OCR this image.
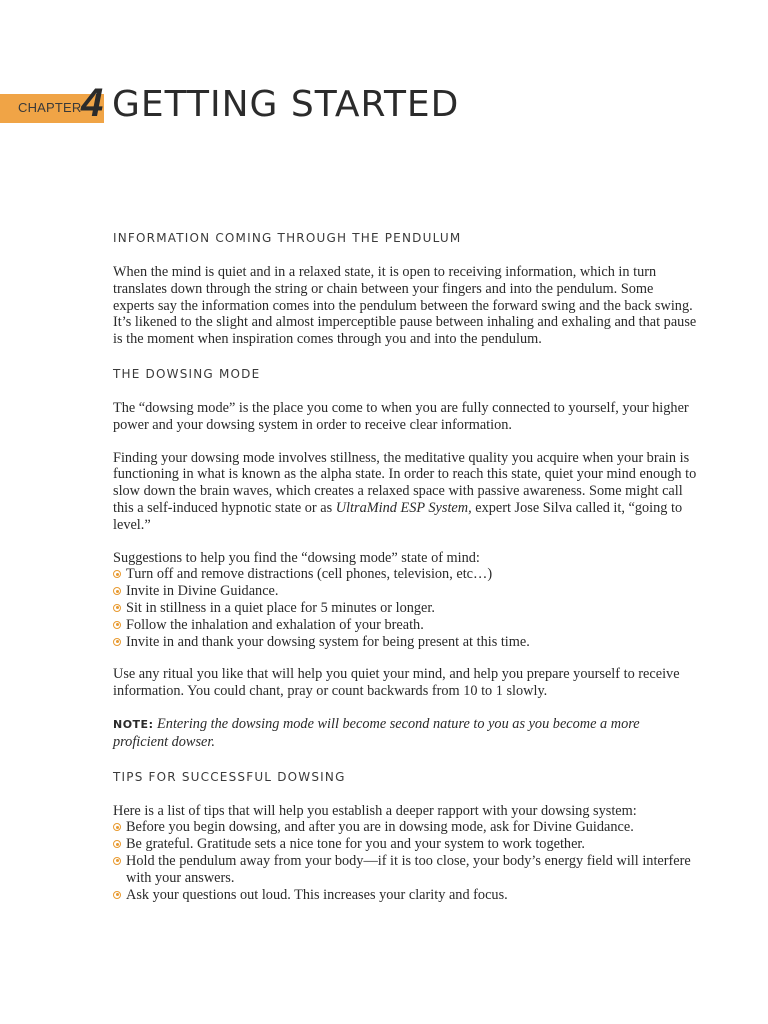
CHAPTER 4 GETTING STARTED
INFORMATION COMING THROUGH THE PENDULUM

When the mind is quiet and in a relaxed state, it is open to receiving information, which in turn translates down through the string or chain between your fingers and into the pendulum. Some experts say the information comes into the pendulum between the forward swing and the back swing. It’s likened to the slight and almost imperceptible pause between inhaling and exhaling and that pause is the moment when inspiration comes through you and into the pendulum.

THE DOWSING MODE

The “dowsing mode” is the place you come to when you are fully connected to yourself, your higher power and your dowsing system in order to receive clear information.

Finding your dowsing mode involves stillness, the meditative quality you acquire when your brain is functioning in what is known as the alpha state. In order to reach this state, quiet your mind enough to slow down the brain waves, which creates a relaxed space with passive awareness. Some might call this a self-induced hypnotic state or as UltraMind ESP System, expert Jose Silva called it, “going to level.”

Suggestions to help you find the “dowsing mode” state of mind:

Turn off and remove distractions (cell phones, television, etc…)
Invite in Divine Guidance.
Sit in stillness in a quiet place for 5 minutes or longer.
Follow the inhalation and exhalation of your breath.
Invite in and thank your dowsing system for being present at this time.

Use any ritual you like that will help you quiet your mind, and help you prepare yourself to receive information. You could chant, pray or count backwards from 10 to 1 slowly.

NOTE: Entering the dowsing mode will become second nature to you as you become a more proficient dowser.

TIPS FOR SUCCESSFUL DOWSING

Here is a list of tips that will help you establish a deeper rapport with your dowsing system:

Before you begin dowsing, and after you are in dowsing mode, ask for Divine Guidance.
Be grateful. Gratitude sets a nice tone for you and your system to work together.
Hold the pendulum away from your body—if it is too close, your body’s energy field will interfere with your answers.
Ask your questions out loud. This increases your clarity and focus.
